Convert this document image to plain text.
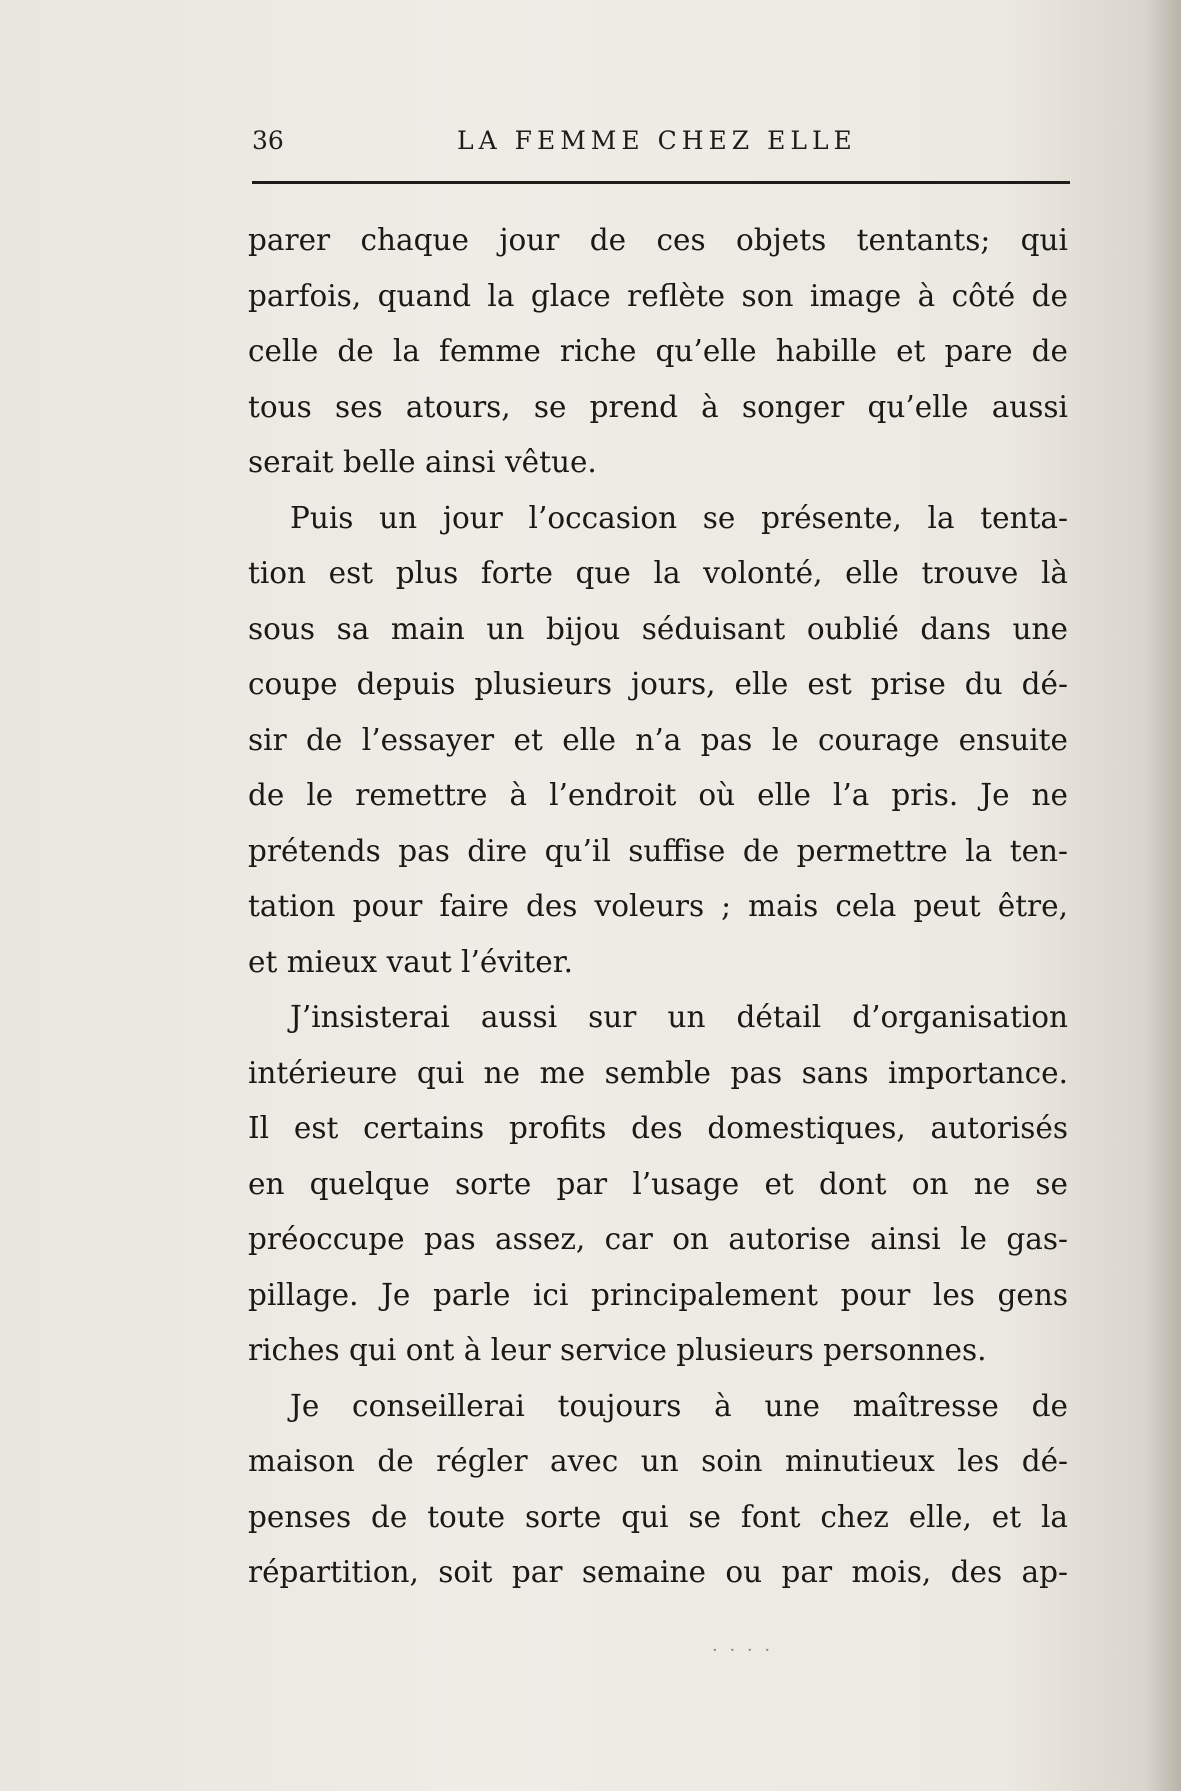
36	LA FEMME CHEZ ELLE
parer chaque jour de ces objets tentants; qui
parfois, quand la glace reflète son image à côté de
celle de la femme riche qu’elle habille et pare de
tous ses atours, se prend à songer qu’elle aussi
serait belle ainsi vêtue.
Puis un jour l’occasion se présente, la tenta-
tion est plus forte que la volonté, elle trouve là
sous sa main un bijou séduisant oublié dans une
coupe depuis plusieurs jours, elle est prise du dé-
sir de l’essayer et elle n’a pas le courage ensuite
de le remettre à l’endroit où elle l’a pris. Je ne
prétends pas dire qu’il suffise de permettre la ten-
tation pour faire des voleurs ; mais cela peut être,
et mieux vaut l’éviter.
J’insisterai aussi sur un détail d’organisation
intérieure qui ne me semble pas sans importance.
Il est certains profits des domestiques, autorisés
en quelque sorte par l’usage et dont on ne se
préoccupe pas assez, car on autorise ainsi le gas-
pillage. Je parle ici principalement pour les gens
riches qui ont à leur service plusieurs personnes.
Je conseillerai toujours à une maîtresse de
maison de régler avec un soin minutieux les dé-
penses de toute sorte qui se font chez elle, et la
répartition, soit par semaine ou par mois, des ap-
· · · ·
